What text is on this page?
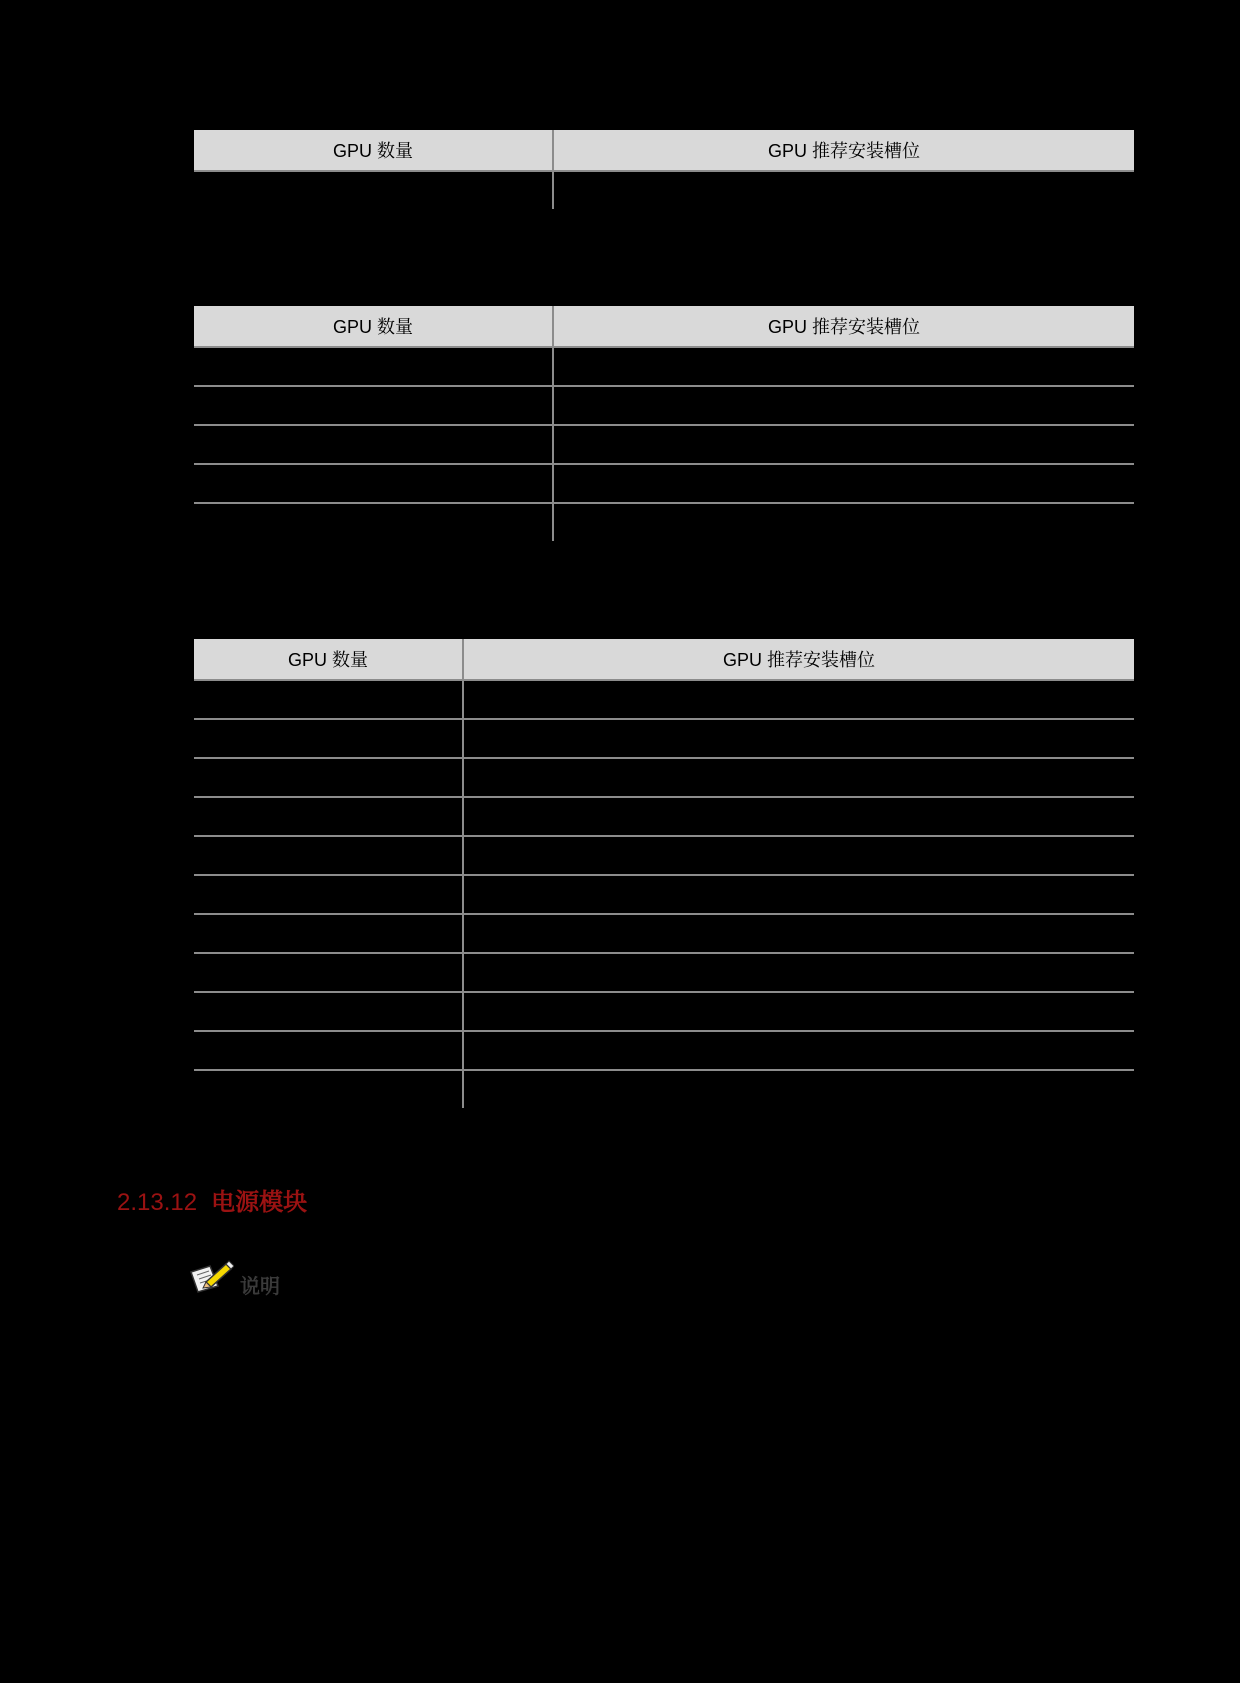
GPU 数量	GPU 推荐安装槽位

GPU 数量	GPU 推荐安装槽位

GPU 数量	GPU 推荐安装槽位

2.13.12 电源模块
说明
